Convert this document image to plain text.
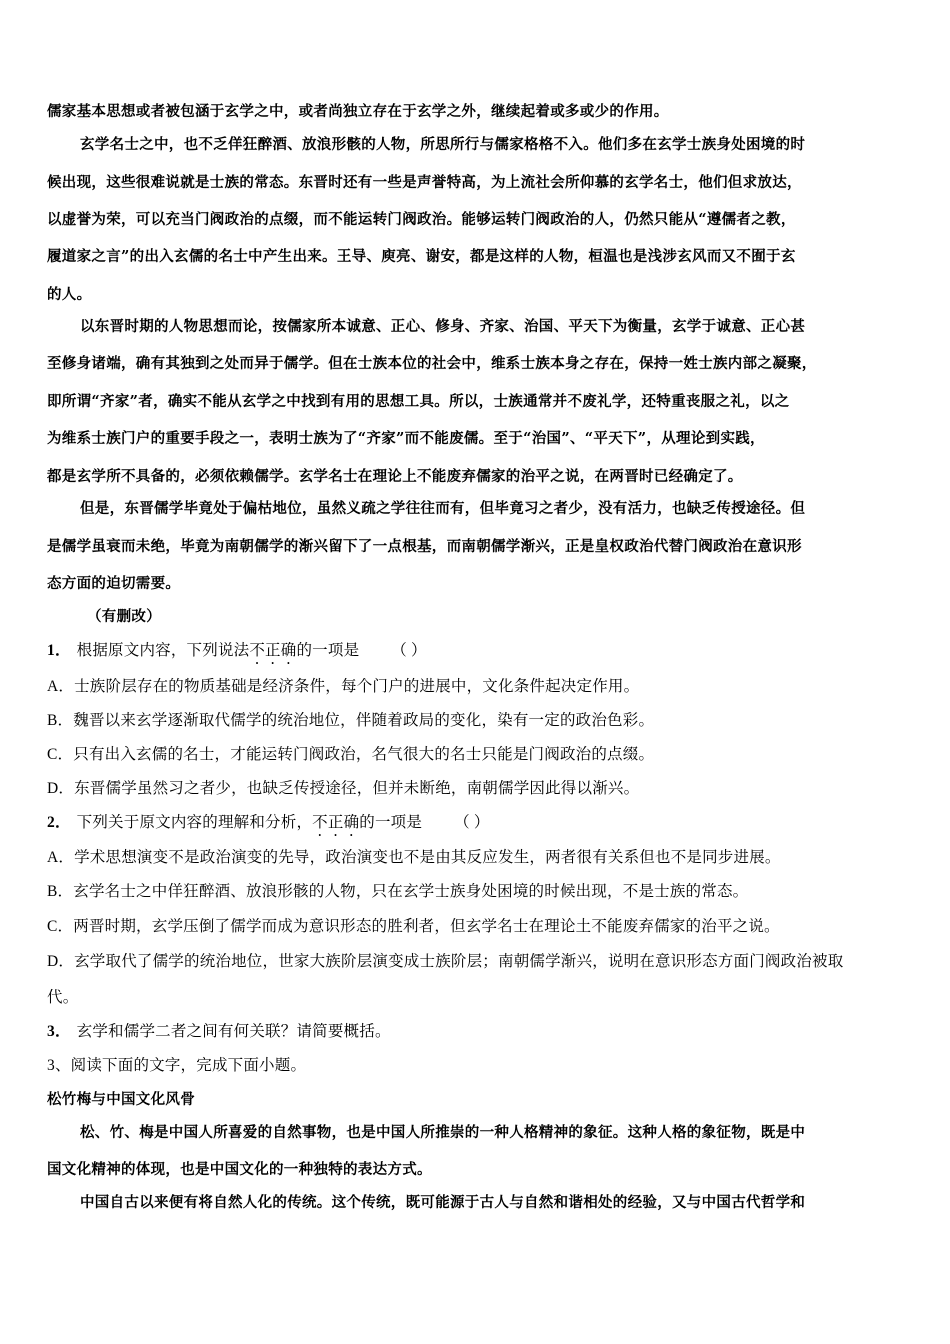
儒家基本思想或者被包涵于玄学之中，或者尚独立存在于玄学之外，继续起着或多或少的作用。
玄学名士之中，也不乏佯狂醉酒、放浪形骸的人物，所思所行与儒家格格不入。他们多在玄学士族身处困境的时
候出现，这些很难说就是士族的常态。东晋时还有一些是声誉特高，为上流社会所仰慕的玄学名士，他们但求放达，
以虚誉为荣，可以充当门阀政治的点缀，而不能运转门阀政治。能够运转门阀政治的人，仍然只能从“遵儒者之教，
履道家之言”的出入玄儒的名士中产生出来。王导、庾亮、谢安，都是这样的人物，桓温也是浅涉玄风而又不囿于玄
的人。
以东晋时期的人物思想而论，按儒家所本诚意、正心、修身、齐家、治国、平天下为衡量，玄学于诚意、正心甚
至修身诸端，确有其独到之处而异于儒学。但在士族本位的社会中，维系士族本身之存在，保持一姓士族内部之凝聚，
即所谓“齐家”者，确实不能从玄学之中找到有用的思想工具。所以，士族通常并不废礼学，还特重丧服之礼，以之
为维系士族门户的重要手段之一，表明士族为了“齐家”而不能废儒。至于“治国”、“平天下”，从理论到实践，
都是玄学所不具备的，必须依赖儒学。玄学名士在理论上不能废弃儒家的治平之说，在两晋时已经确定了。
但是，东晋儒学毕竟处于偏枯地位，虽然义疏之学往往而有，但毕竟习之者少，没有活力，也缺乏传授途径。但
是儒学虽衰而未绝，毕竟为南朝儒学的渐兴留下了一点根基，而南朝儒学渐兴，正是皇权政治代替门阀政治在意识形
态方面的迫切需要。
（有删改）
1． 根据原文内容，下列说法不正确的一项是 （ ）
A．士族阶层存在的物质基础是经济条件，每个门户的进展中，文化条件起决定作用。
B．魏晋以来玄学逐渐取代儒学的统治地位，伴随着政局的变化，染有一定的政治色彩。
C．只有出入玄儒的名士，才能运转门阀政治，名气很大的名士只能是门阀政治的点缀。
D．东晋儒学虽然习之者少，也缺乏传授途径，但并未断绝，南朝儒学因此得以渐兴。
2． 下列关于原文内容的理解和分析，不正确的一项是 （ ）
A．学术思想演变不是政治演变的先导，政治演变也不是由其反应发生，两者很有关系但也不是同步进展。
B．玄学名士之中佯狂醉酒、放浪形骸的人物，只在玄学士族身处困境的时候出现，不是士族的常态。
C．两晋时期，玄学压倒了儒学而成为意识形态的胜利者，但玄学名士在理论土不能废弃儒家的治平之说。
D．玄学取代了儒学的统治地位，世家大族阶层演变成士族阶层；南朝儒学渐兴，说明在意识形态方面门阀政治被取
代。
3． 玄学和儒学二者之间有何关联？请简要概括。
3、阅读下面的文字，完成下面小题。
松竹梅与中国文化风骨
松、竹、梅是中国人所喜爱的自然事物，也是中国人所推崇的一种人格精神的象征。这种人格的象征物，既是中
国文化精神的体现，也是中国文化的一种独特的表达方式。
中国自古以来便有将自然人化的传统。这个传统，既可能源于古人与自然和谐相处的经验，又与中国古代哲学和
